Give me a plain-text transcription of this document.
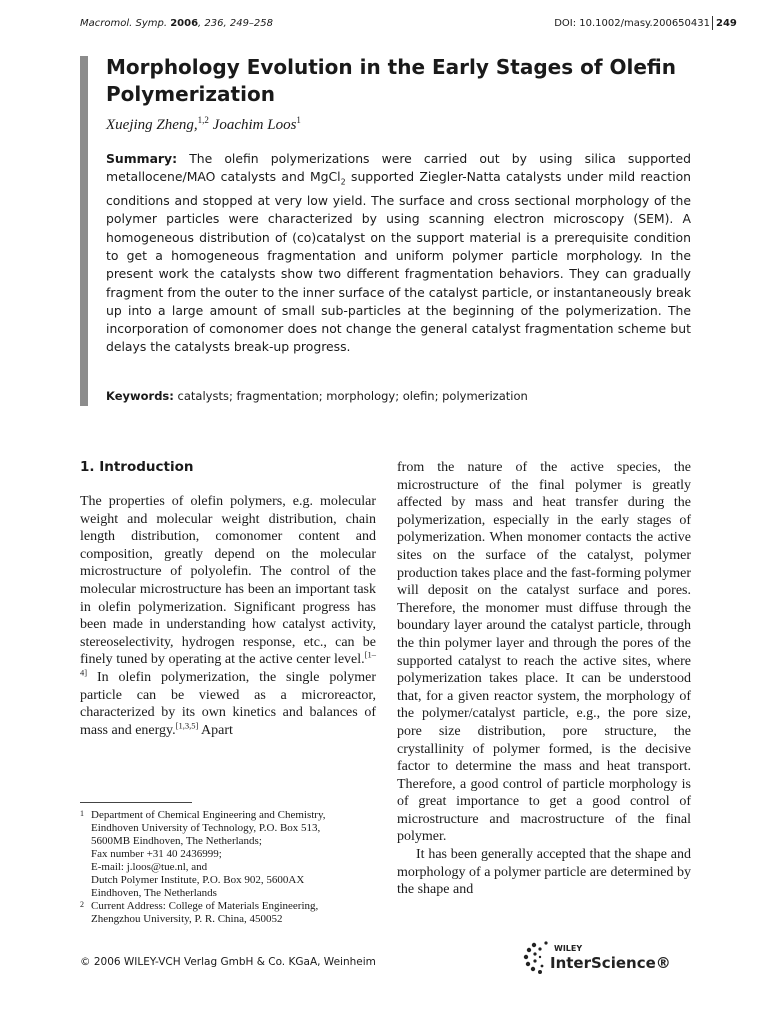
Macromol. Symp. 2006, 236, 249–258	DOI: 10.1002/masy.200650431 249
Morphology Evolution in the Early Stages of Olefin Polymerization
Xuejing Zheng,$^{1,2}$ Joachim Loos$^1$
Summary: The olefin polymerizations were carried out by using silica supported metallocene/MAO catalysts and MgCl$_2$ supported Ziegler-Natta catalysts under mild reaction conditions and stopped at very low yield. The surface and cross sectional morphology of the polymer particles were characterized by using scanning electron microscopy (SEM). A homogeneous distribution of (co)catalyst on the support material is a prerequisite condition to get a homogeneous fragmentation and uniform polymer particle morphology. In the present work the catalysts show two different fragmentation behaviors. They can gradually fragment from the outer to the inner surface of the catalyst particle, or instantaneously break up into a large amount of small sub-particles at the beginning of the polymerization. The incorporation of comonomer does not change the general catalyst fragmentation scheme but delays the catalysts break-up progress.
Keywords: catalysts; fragmentation; morphology; olefin; polymerization
1. Introduction
The properties of olefin polymers, e.g. molecular weight and molecular weight distribution, chain length distribution, comonomer content and composition, greatly depend on the molecular microstructure of polyolefin. The control of the molecular microstructure has been an important task in olefin polymerization. Significant progress has been made in understanding how catalyst activity, stereoselectivity, hydrogen response, etc., can be finely tuned by operating at the active center level.[1–4] In olefin polymerization, the single polymer particle can be viewed as a microreactor, characterized by its own kinetics and balances of mass and energy.[1,3,5] Apart
from the nature of the active species, the microstructure of the final polymer is greatly affected by mass and heat transfer during the polymerization, especially in the early stages of polymerization. When monomer contacts the active sites on the surface of the catalyst, polymer production takes place and the fast-forming polymer will deposit on the catalyst surface and pores. Therefore, the monomer must diffuse through the boundary layer around the catalyst particle, through the thin polymer layer and through the pores of the supported catalyst to reach the active sites, where polymerization takes place. It can be understood that, for a given reactor system, the morphology of the polymer/catalyst particle, e.g., the pore size, pore size distribution, pore structure, the crystallinity of polymer formed, is the decisive factor to determine the mass and heat transport. Therefore, a good control of particle morphology is of great importance to get a good control of microstructure and macrostructure of the final polymer.
It has been generally accepted that the shape and morphology of a polymer particle are determined by the shape and
1 Department of Chemical Engineering and Chemistry,
Eindhoven University of Technology, P.O. Box 513,
5600MB Eindhoven, The Netherlands;
Fax number +31 40 2436999;
E-mail: j.loos@tue.nl, and
Dutch Polymer Institute, P.O. Box 902, 5600AX
Eindhoven, The Netherlands
2 Current Address: College of Materials Engineering,
Zhengzhou University, P. R. China, 450052
© 2006 WILEY-VCH Verlag GmbH & Co. KGaA, Weinheim
WILEY
InterScience®
